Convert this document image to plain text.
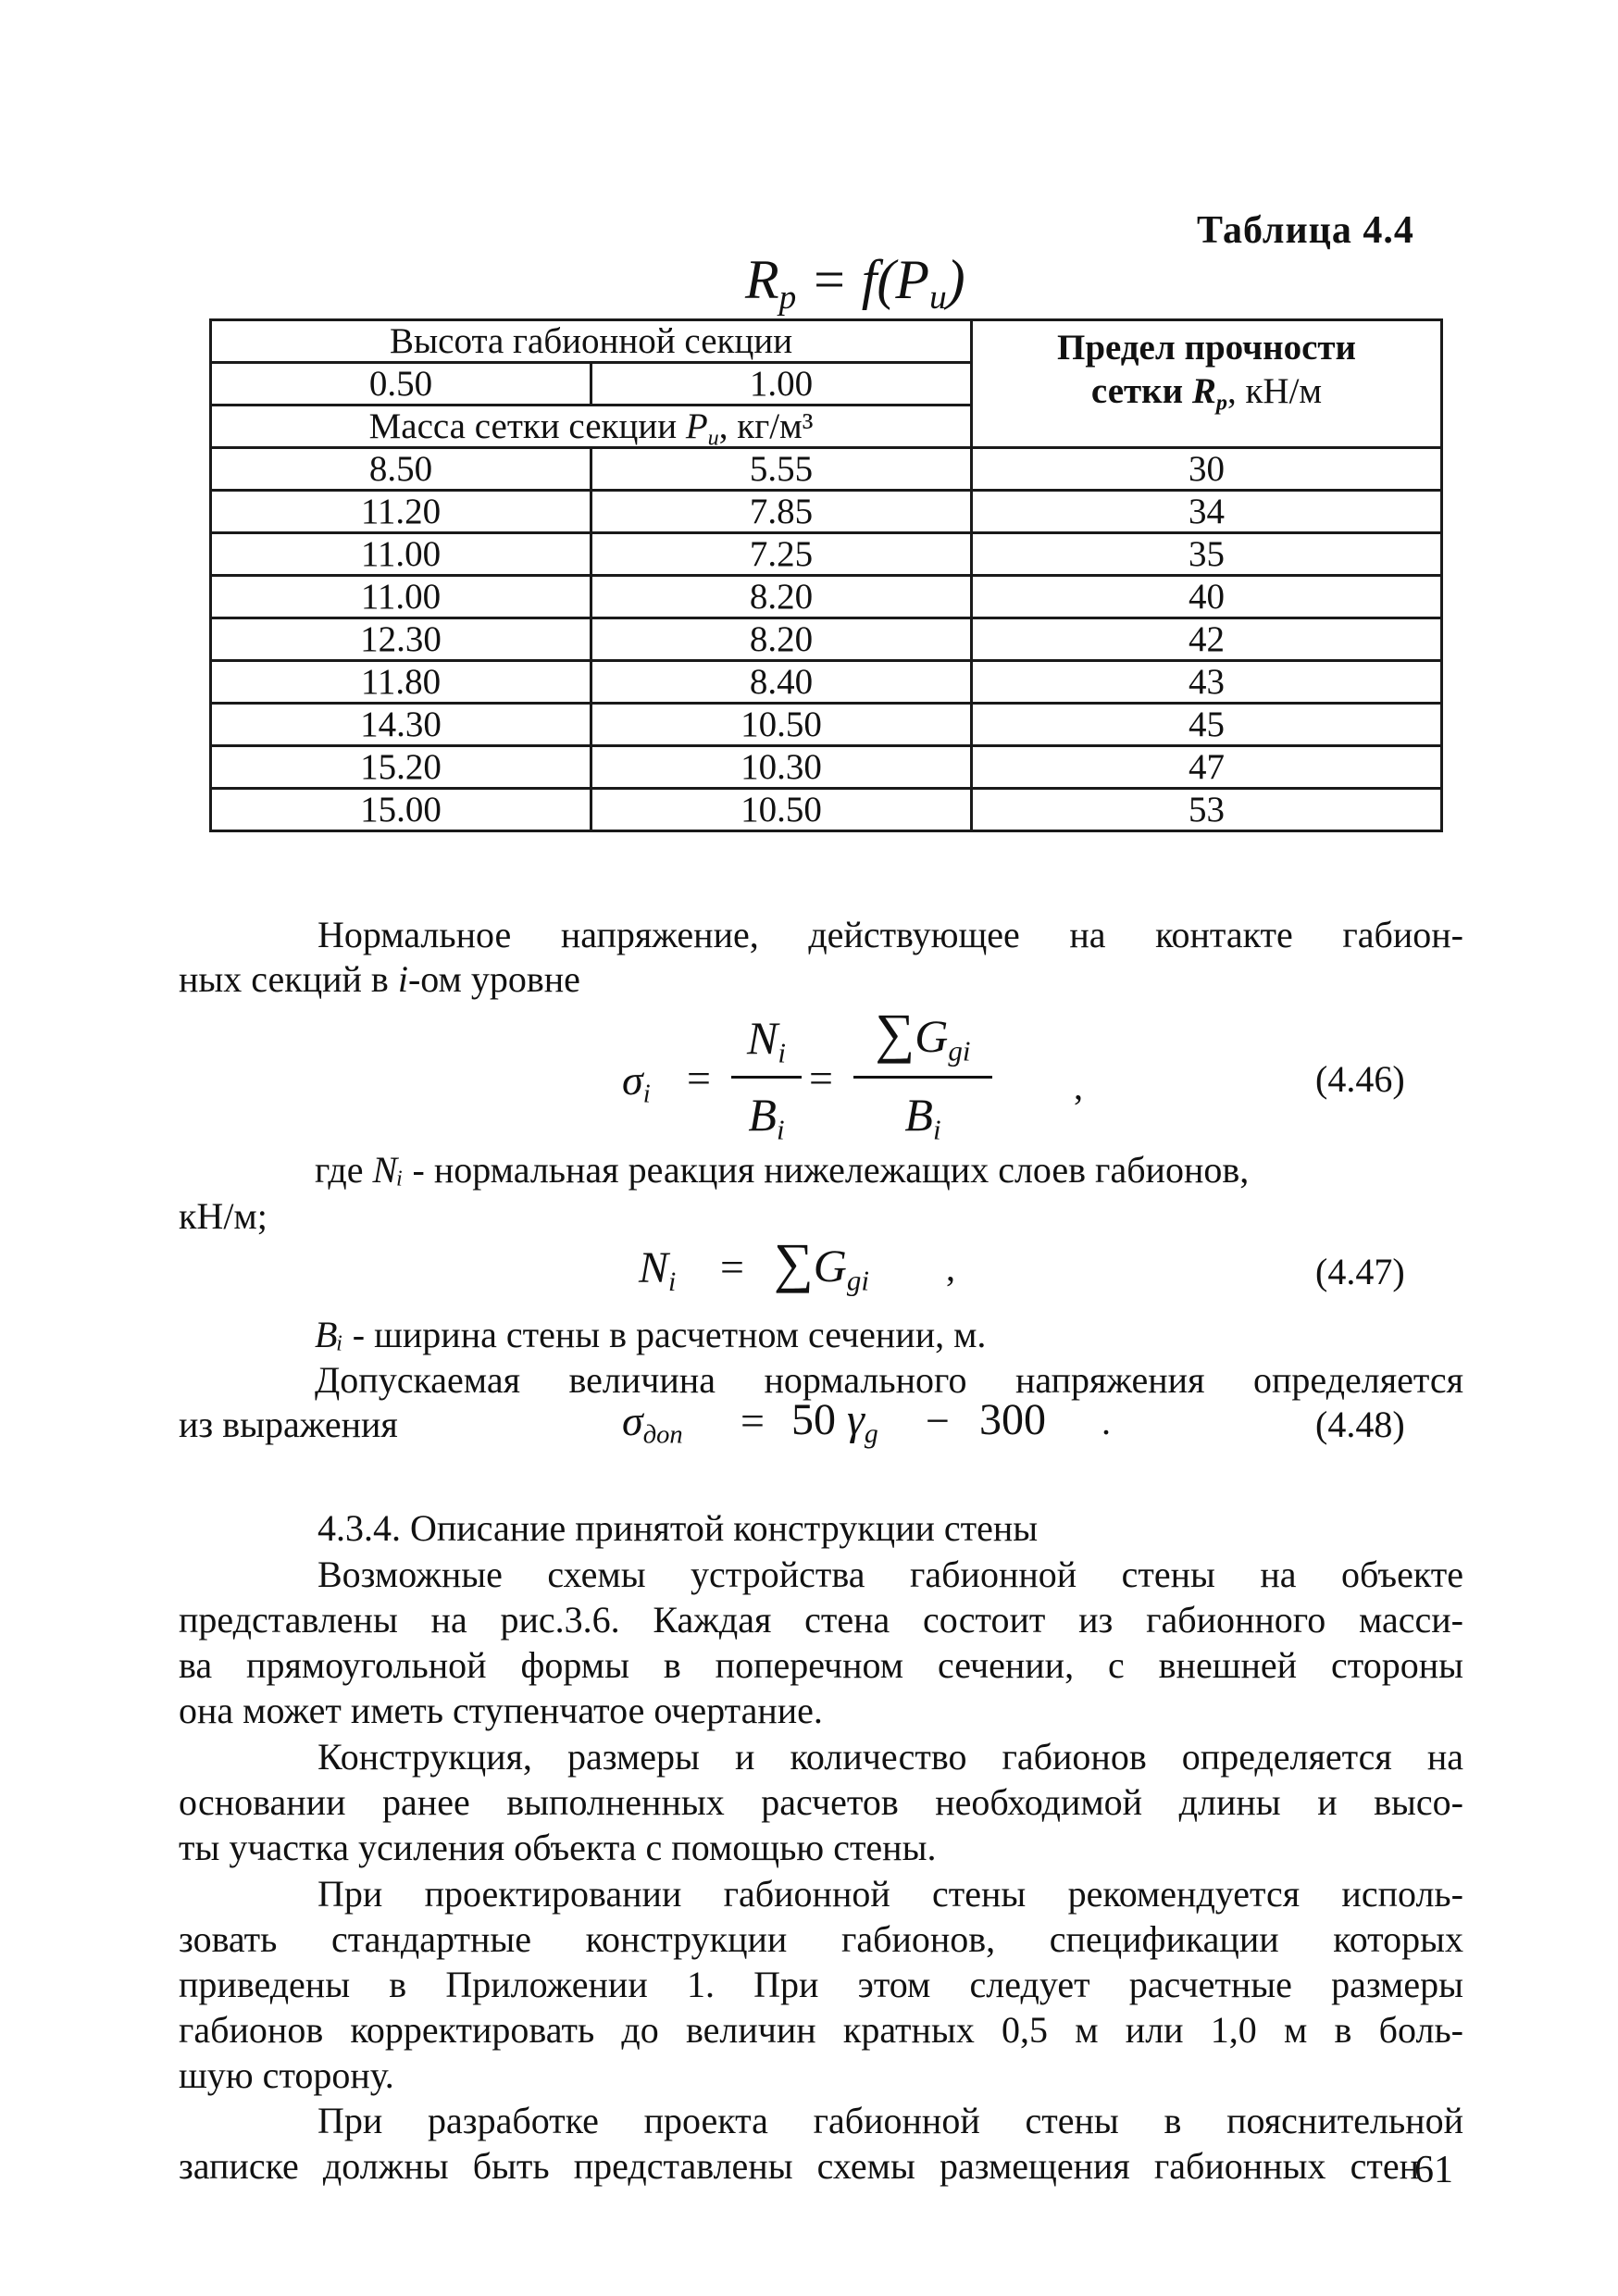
Таблица 4.4
$R_p = f(P_u)$
Высота габионной секции		Предел прочности
сетки $R_p$, кН/м

0.50	1.00	
Масса сетки секции $P_u$, кг/м³		
8.50	5.55	30
11.20	7.85	34
11.00	7.25	35
11.00	8.20	40
12.30	8.20	42
11.80	8.40	43
14.30	10.50	45
15.20	10.30	47
15.00	10.50	53
Нормальное напряжение, действующее на контакте габион-
ных секций в i-ом уровне
$\sigma_i$ =
$N_i$
$B_i$
=
$\sum G_{gi}$
$B_i$
,	(4.46)
где Nᵢ - нормальная реакция нижележащих слоев габионов,
кН/м;
$N_i = \sum G_{gi}$ ,	(4.47)
Bᵢ - ширина стены в расчетном сечении, м.
Допускаемая величина нормального напряжения определяется
из выражения	$\sigma_{доп} = 50$ $\gamma_g - 300$ .	(4.48)
4.3.4. Описание принятой конструкции стены
Возможные схемы устройства габионной стены на объекте
представлены на рис.3.6. Каждая стена состоит из габионного масси-
ва прямоугольной формы в поперечном сечении, с внешней стороны
она может иметь ступенчатое очертание.
Конструкция, размеры и количество габионов определяется на
основании ранее выполненных расчетов необходимой длины и высо-
ты участка усиления объекта с помощью стены.
При проектировании габионной стены рекомендуется исполь-
зовать стандартные конструкции габионов, спецификации которых
приведены в Приложении 1. При этом следует расчетные размеры
габионов корректировать до величин кратных 0,5 м или 1,0 м в боль-
шую сторону.
При разработке проекта габионной стены в пояснительной
записке должны быть представлены схемы размещения габионных стен
61
